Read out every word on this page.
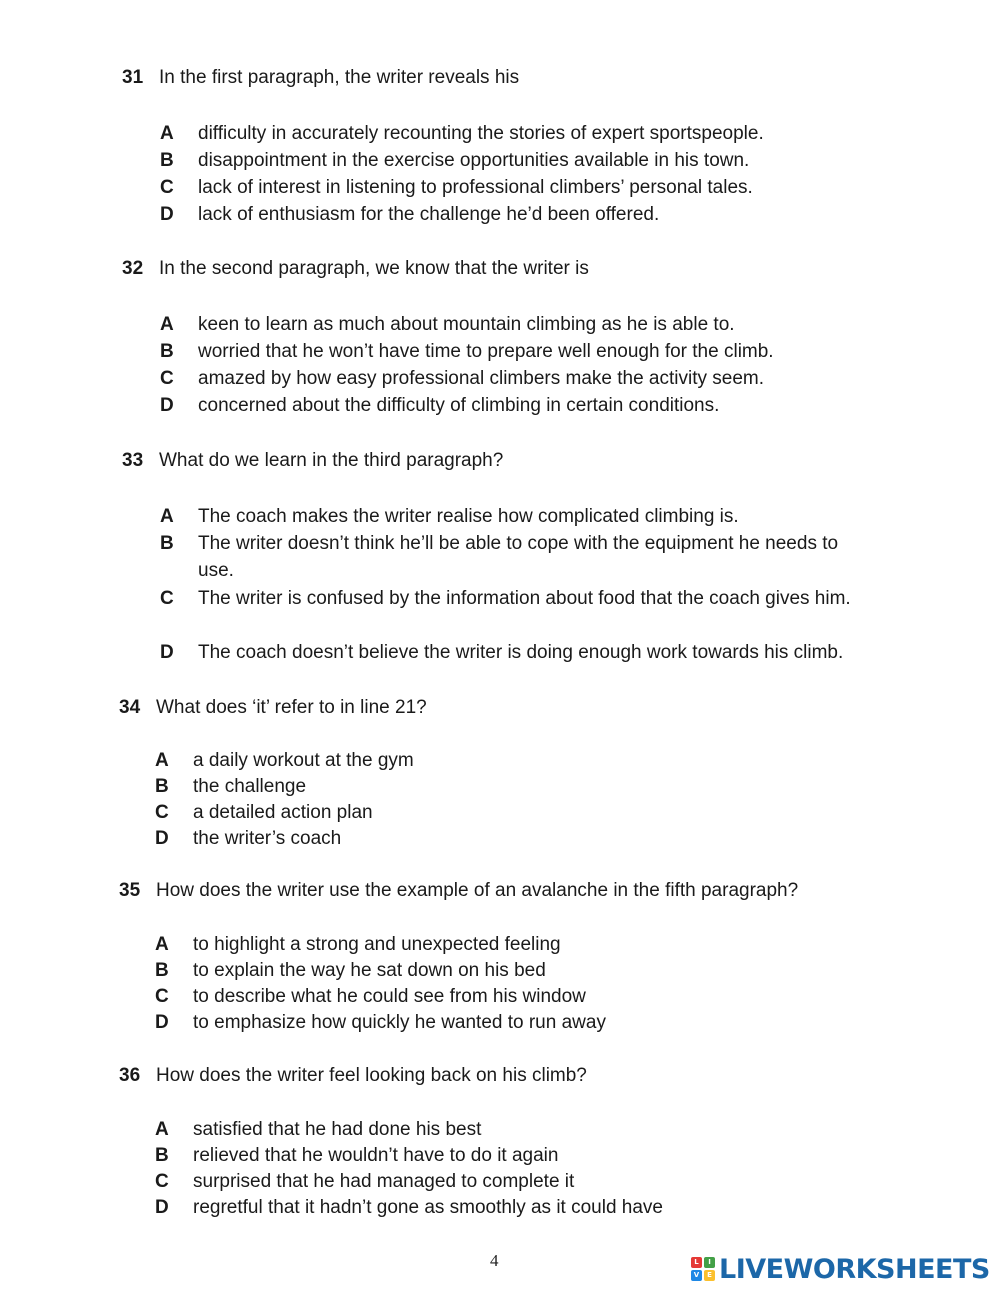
31 In the first paragraph, the writer reveals his
A	difficulty in accurately recounting the stories of expert sportspeople.
B	disappointment in the exercise opportunities available in his town.
C	lack of interest in listening to professional climbers’ personal tales.
D	lack of enthusiasm for the challenge he’d been offered.
32 In the second paragraph, we know that the writer is
A	keen to learn as much about mountain climbing as he is able to.
B	worried that he won’t have time to prepare well enough for the climb.
C	amazed by how easy professional climbers make the activity seem.
D	concerned about the difficulty of climbing in certain conditions.
33 What do we learn in the third paragraph?
A	The coach makes the writer realise how complicated climbing is.
B	The writer doesn’t think he’ll be able to cope with the equipment he needs to use.
C	The writer is confused by the information about food that the coach gives him.
D	The coach doesn’t believe the writer is doing enough work towards his climb.
34 What does ‘it’ refer to in line 21?
A	a daily workout at the gym
B	the challenge
C	a detailed action plan
D	the writer’s coach
35 How does the writer use the example of an avalanche in the fifth paragraph?
A	to highlight a strong and unexpected feeling
B	to explain the way he sat down on his bed
C	to describe what he could see from his window
D	to emphasize how quickly he wanted to run away
36 How does the writer feel looking back on his climb?
A	satisfied that he had done his best
B	relieved that he wouldn’t have to do it again
C	surprised that he had managed to complete it
D	regretful that it hadn’t gone as smoothly as it could have
4	L	I
V	E LIVEWORKSHEETS
